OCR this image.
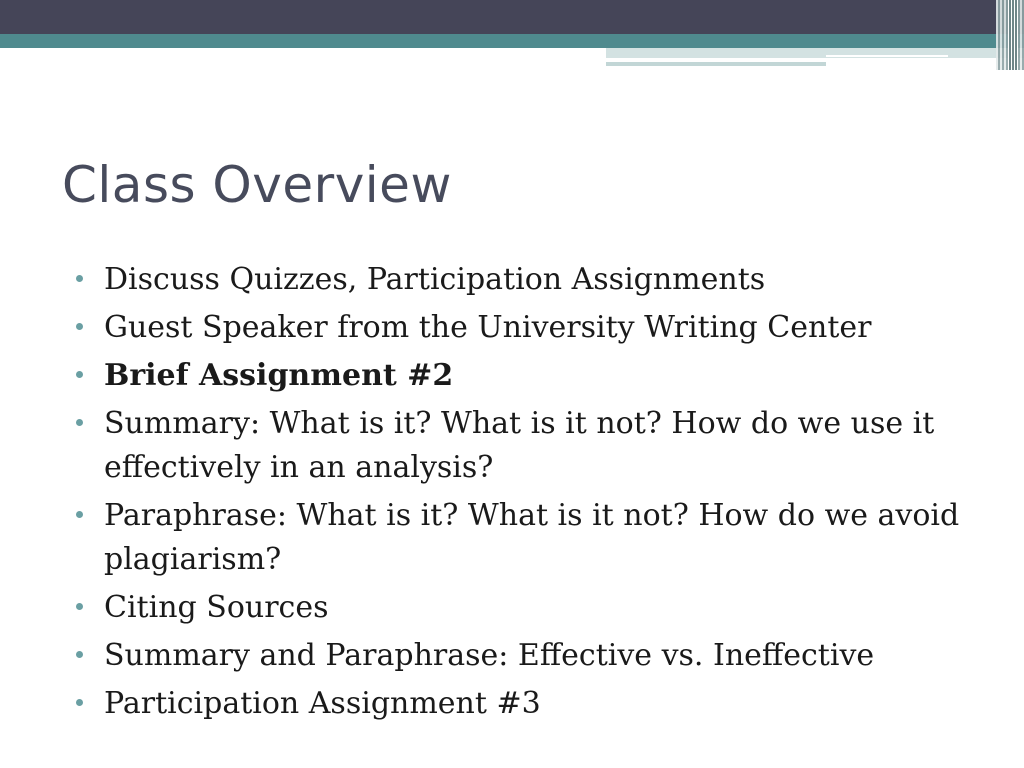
Class Overview
Discuss Quizzes, Participation Assignments
Guest Speaker from the University Writing Center
Brief Assignment #2
Summary: What is it? What is it not? How do we use it effectively in an analysis?
Paraphrase: What is it? What is it not? How do we avoid plagiarism?
Citing Sources
Summary and Paraphrase: Effective vs. Ineffective
Participation Assignment #3
